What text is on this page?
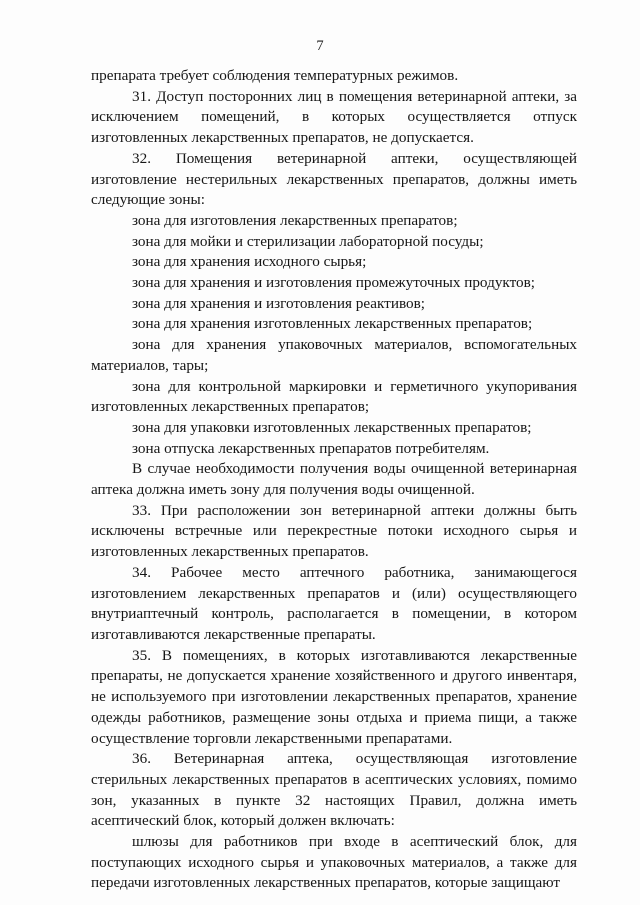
7

препарата требует соблюдения температурных режимов.

31. Доступ посторонних лиц в помещения ветеринарной аптеки, за исключением помещений, в которых осуществляется отпуск изготовленных лекарственных препаратов, не допускается.

32. Помещения ветеринарной аптеки, осуществляющей изготовление нестерильных лекарственных препаратов, должны иметь следующие зоны:

зона для изготовления лекарственных препаратов;

зона для мойки и стерилизации лабораторной посуды;

зона для хранения исходного сырья;

зона для хранения и изготовления промежуточных продуктов;

зона для хранения и изготовления реактивов;

зона для хранения изготовленных лекарственных препаратов;

зона для хранения упаковочных материалов, вспомогательных материалов, тары;

зона для контрольной маркировки и герметичного укупоривания изготовленных лекарственных препаратов;

зона для упаковки изготовленных лекарственных препаратов;

зона отпуска лекарственных препаратов потребителям.

В случае необходимости получения воды очищенной ветеринарная аптека должна иметь зону для получения воды очищенной.

33. При расположении зон ветеринарной аптеки должны быть исключены встречные или перекрестные потоки исходного сырья и изготовленных лекарственных препаратов.

34. Рабочее место аптечного работника, занимающегося изготовлением лекарственных препаратов и (или) осуществляющего внутриаптечный контроль, располагается в помещении, в котором изготавливаются лекарственные препараты.

35. В помещениях, в которых изготавливаются лекарственные препараты, не допускается хранение хозяйственного и другого инвентаря, не используемого при изготовлении лекарственных препаратов, хранение одежды работников, размещение зоны отдыха и приема пищи, а также осуществление торговли лекарственными препаратами.

36. Ветеринарная аптека, осуществляющая изготовление стерильных лекарственных препаратов в асептических условиях, помимо зон, указанных в пункте 32 настоящих Правил, должна иметь асептический блок, который должен включать:

шлюзы для работников при входе в асептический блок, для поступающих исходного сырья и упаковочных материалов, а также для передачи изготовленных лекарственных препаратов, которые защищают
